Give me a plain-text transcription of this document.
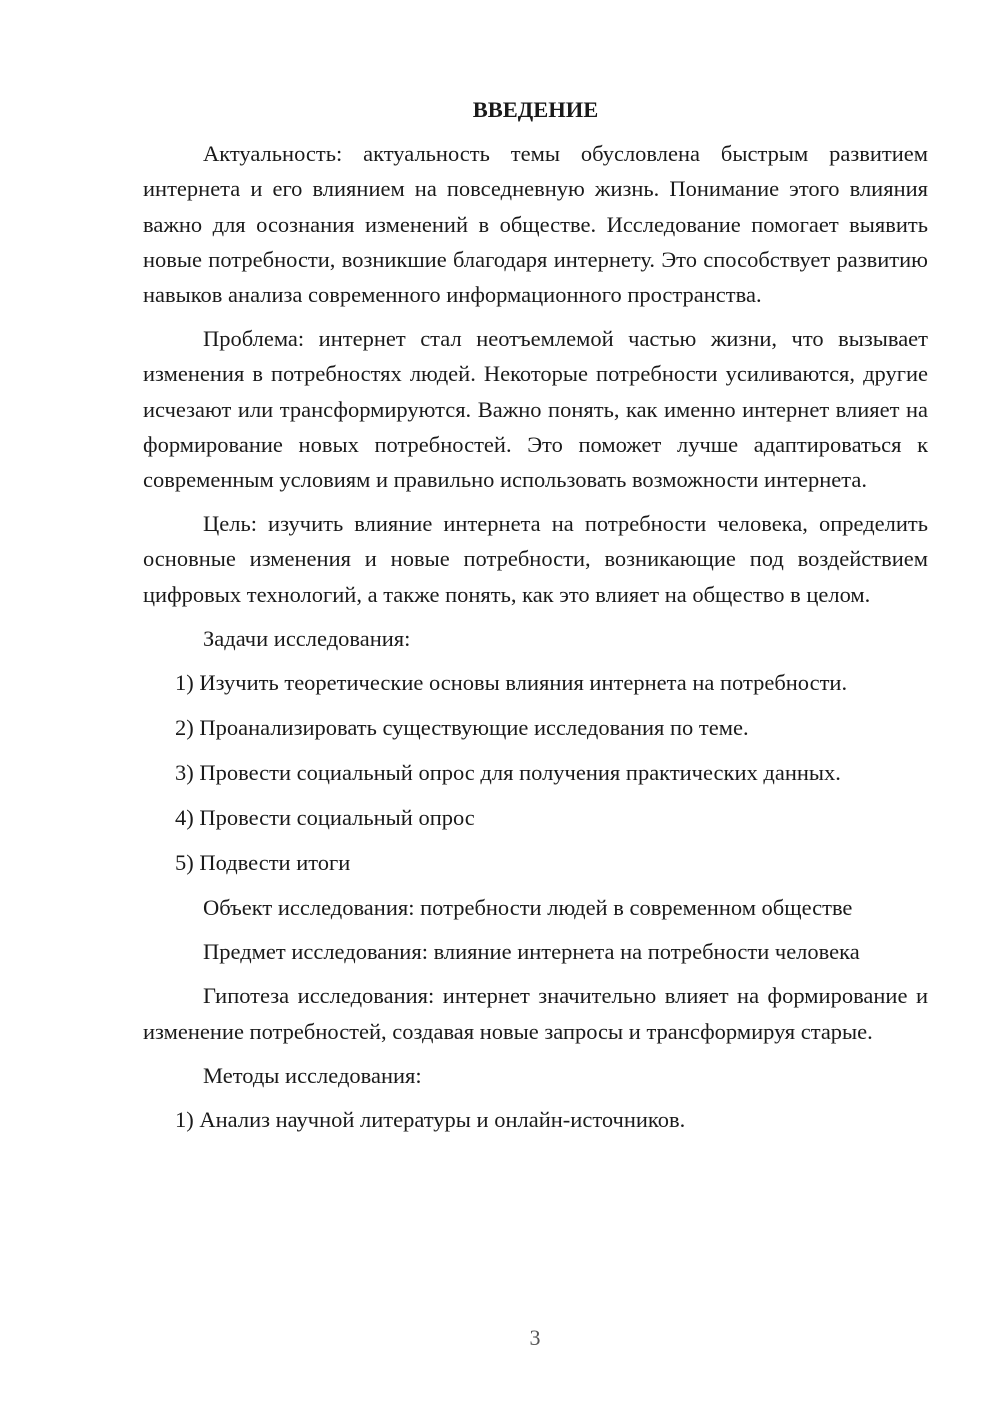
ВВЕДЕНИЕ

Актуальность: актуальность темы обусловлена быстрым развитием интернета и его влиянием на повседневную жизнь. Понимание этого влияния важно для осознания изменений в обществе. Исследование помогает выявить новые потребности, возникшие благодаря интернету. Это способствует развитию навыков анализа современного информационного пространства.

Проблема: интернет стал неотъемлемой частью жизни, что вызывает изменения в потребностях людей. Некоторые потребности усиливаются, другие исчезают или трансформируются. Важно понять, как именно интернет влияет на формирование новых потребностей. Это поможет лучше адаптироваться к современным условиям и правильно использовать возможности интернета.

Цель: изучить влияние интернета на потребности человека, определить основные изменения и новые потребности, возникающие под воздействием цифровых технологий, а также понять, как это влияет на общество в целом.

Задачи исследования:

1) Изучить теоретические основы влияния интернета на потребности.

2) Проанализировать существующие исследования по теме.

3) Провести социальный опрос для получения практических данных.

4) Провести социальный опрос

5) Подвести итоги

Объект исследования: потребности людей в современном обществе

Предмет исследования: влияние интернета на потребности человека

Гипотеза исследования: интернет значительно влияет на формирование и изменение потребностей, создавая новые запросы и трансформируя старые.

Методы исследования:

1) Анализ научной литературы и онлайн-источников.

3
